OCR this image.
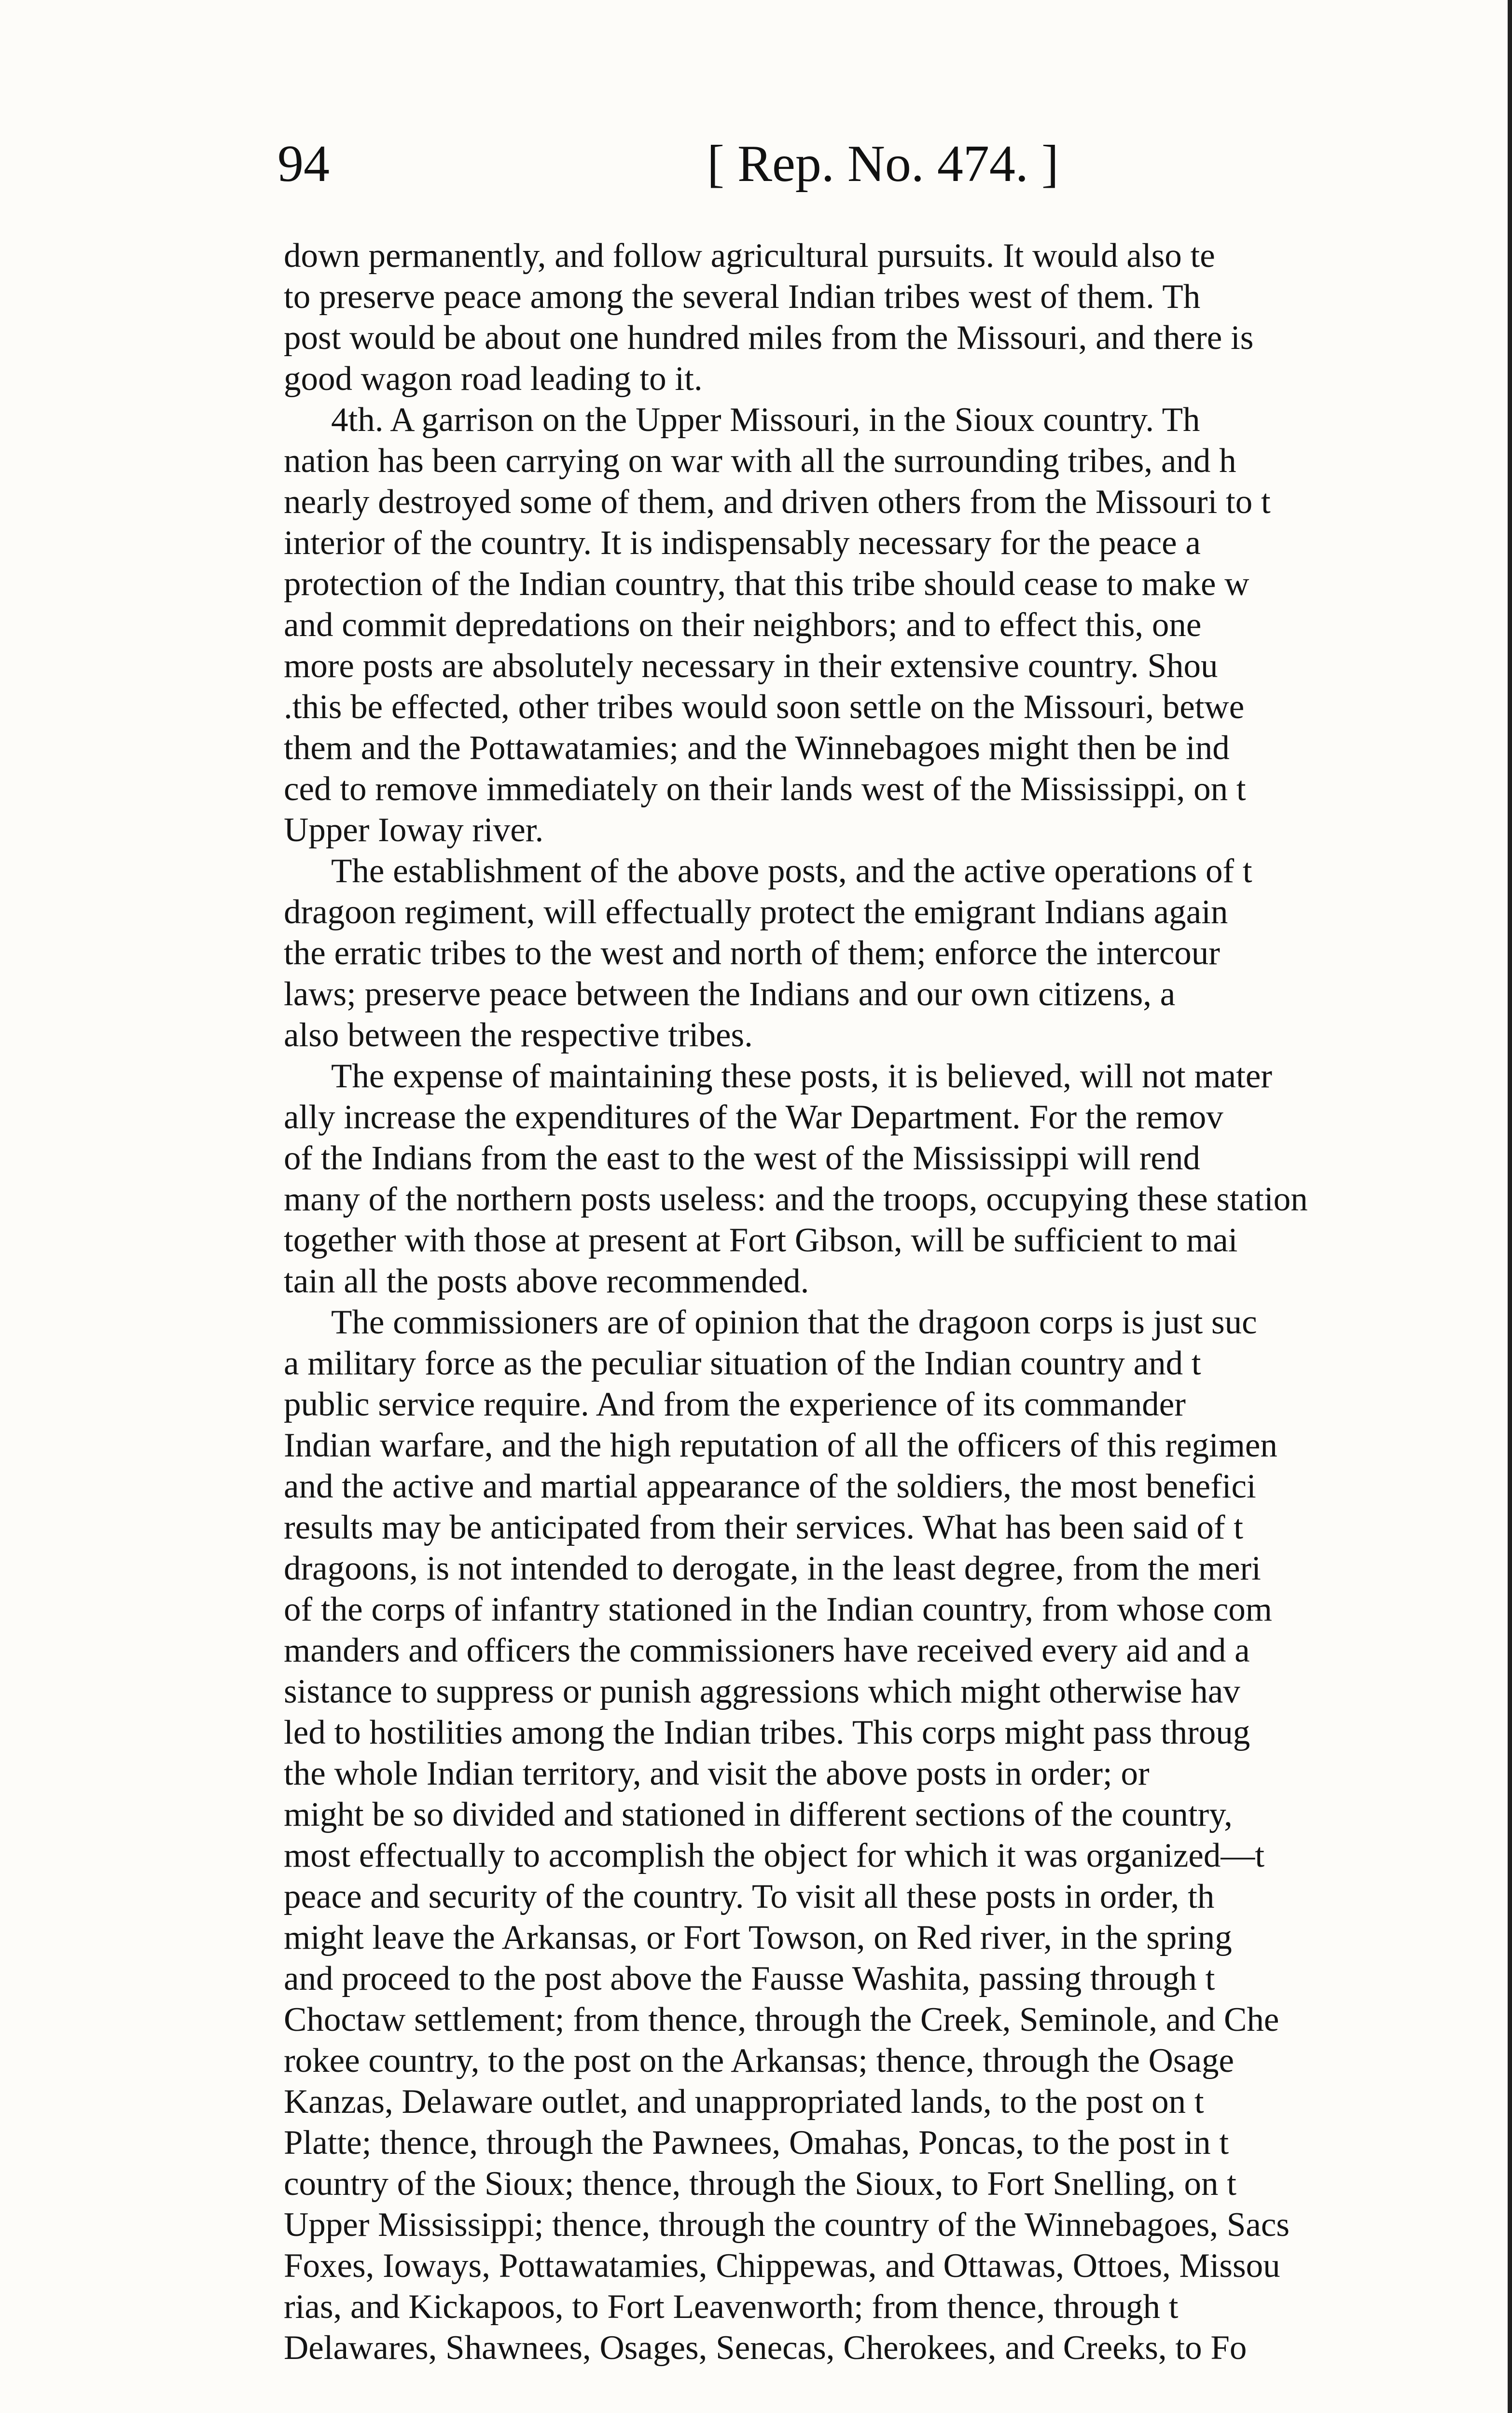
94	[ Rep. No. 474. ]
down permanently, and follow agricultural pursuits. It would also te
to preserve peace among the several Indian tribes west of them. Th
post would be about one hundred miles from the Missouri, and there is
good wagon road leading to it.
4th. A garrison on the Upper Missouri, in the Sioux country. Th
nation has been carrying on war with all the surrounding tribes, and h
nearly destroyed some of them, and driven others from the Missouri to t
interior of the country. It is indispensably necessary for the peace a
protection of the Indian country, that this tribe should cease to make w
and commit depredations on their neighbors; and to effect this, one
more posts are absolutely necessary in their extensive country. Shou
.this be effected, other tribes would soon settle on the Missouri, betwe
them and the Pottawatamies; and the Winnebagoes might then be ind
ced to remove immediately on their lands west of the Mississippi, on t
Upper Ioway river.
The establishment of the above posts, and the active operations of t
dragoon regiment, will effectually protect the emigrant Indians again
the erratic tribes to the west and north of them; enforce the intercour
laws; preserve peace between the Indians and our own citizens, a
also between the respective tribes.
The expense of maintaining these posts, it is believed, will not mater
ally increase the expenditures of the War Department. For the remov
of the Indians from the east to the west of the Mississippi will rend
many of the northern posts useless: and the troops, occupying these station
together with those at present at Fort Gibson, will be sufficient to mai
tain all the posts above recommended.
The commissioners are of opinion that the dragoon corps is just suc
a military force as the peculiar situation of the Indian country and t
public service require. And from the experience of its commander
Indian warfare, and the high reputation of all the officers of this regimen
and the active and martial appearance of the soldiers, the most benefici
results may be anticipated from their services. What has been said of t
dragoons, is not intended to derogate, in the least degree, from the meri
of the corps of infantry stationed in the Indian country, from whose com
manders and officers the commissioners have received every aid and a
sistance to suppress or punish aggressions which might otherwise hav
led to hostilities among the Indian tribes. This corps might pass throug
the whole Indian territory, and visit the above posts in order; or
might be so divided and stationed in different sections of the country,
most effectually to accomplish the object for which it was organized—t
peace and security of the country. To visit all these posts in order, th
might leave the Arkansas, or Fort Towson, on Red river, in the spring
and proceed to the post above the Fausse Washita, passing through t
Choctaw settlement; from thence, through the Creek, Seminole, and Che
rokee country, to the post on the Arkansas; thence, through the Osage
Kanzas, Delaware outlet, and unappropriated lands, to the post on t
Platte; thence, through the Pawnees, Omahas, Poncas, to the post in t
country of the Sioux; thence, through the Sioux, to Fort Snelling, on t
Upper Mississippi; thence, through the country of the Winnebagoes, Sacs
Foxes, Ioways, Pottawatamies, Chippewas, and Ottawas, Ottoes, Missou
rias, and Kickapoos, to Fort Leavenworth; from thence, through t
Delawares, Shawnees, Osages, Senecas, Cherokees, and Creeks, to Fo
